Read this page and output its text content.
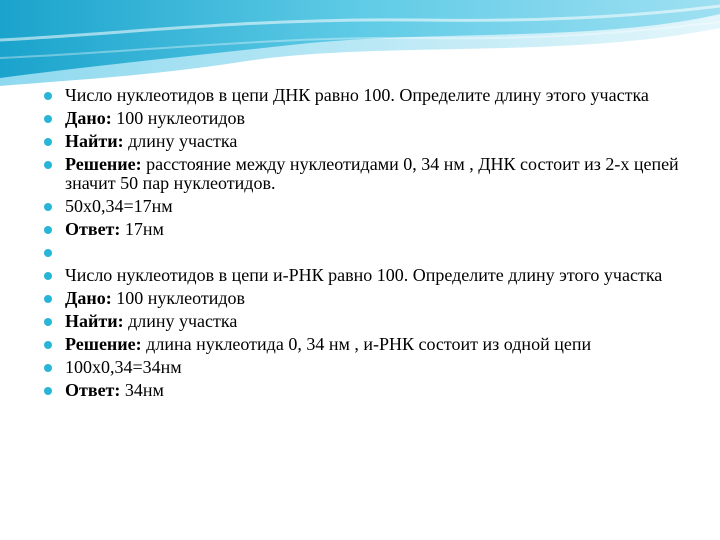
Число нуклеотидов в цепи ДНК равно 100. Определите длину этого участка
Дано: 100 нуклеотидов
Найти: длину участка
Решение: расстояние между нуклеотидами 0, 34 нм , ДНК состоит из 2-х цепей значит 50 пар нуклеотидов.
50х0,34=17нм
Ответ: 17нм
Число нуклеотидов в цепи и-РНК равно 100. Определите длину этого участка
Дано: 100 нуклеотидов
Найти: длину участка
Решение: длина нуклеотида 0, 34 нм , и-РНК состоит из одной цепи
100х0,34=34нм
Ответ: 34нм
